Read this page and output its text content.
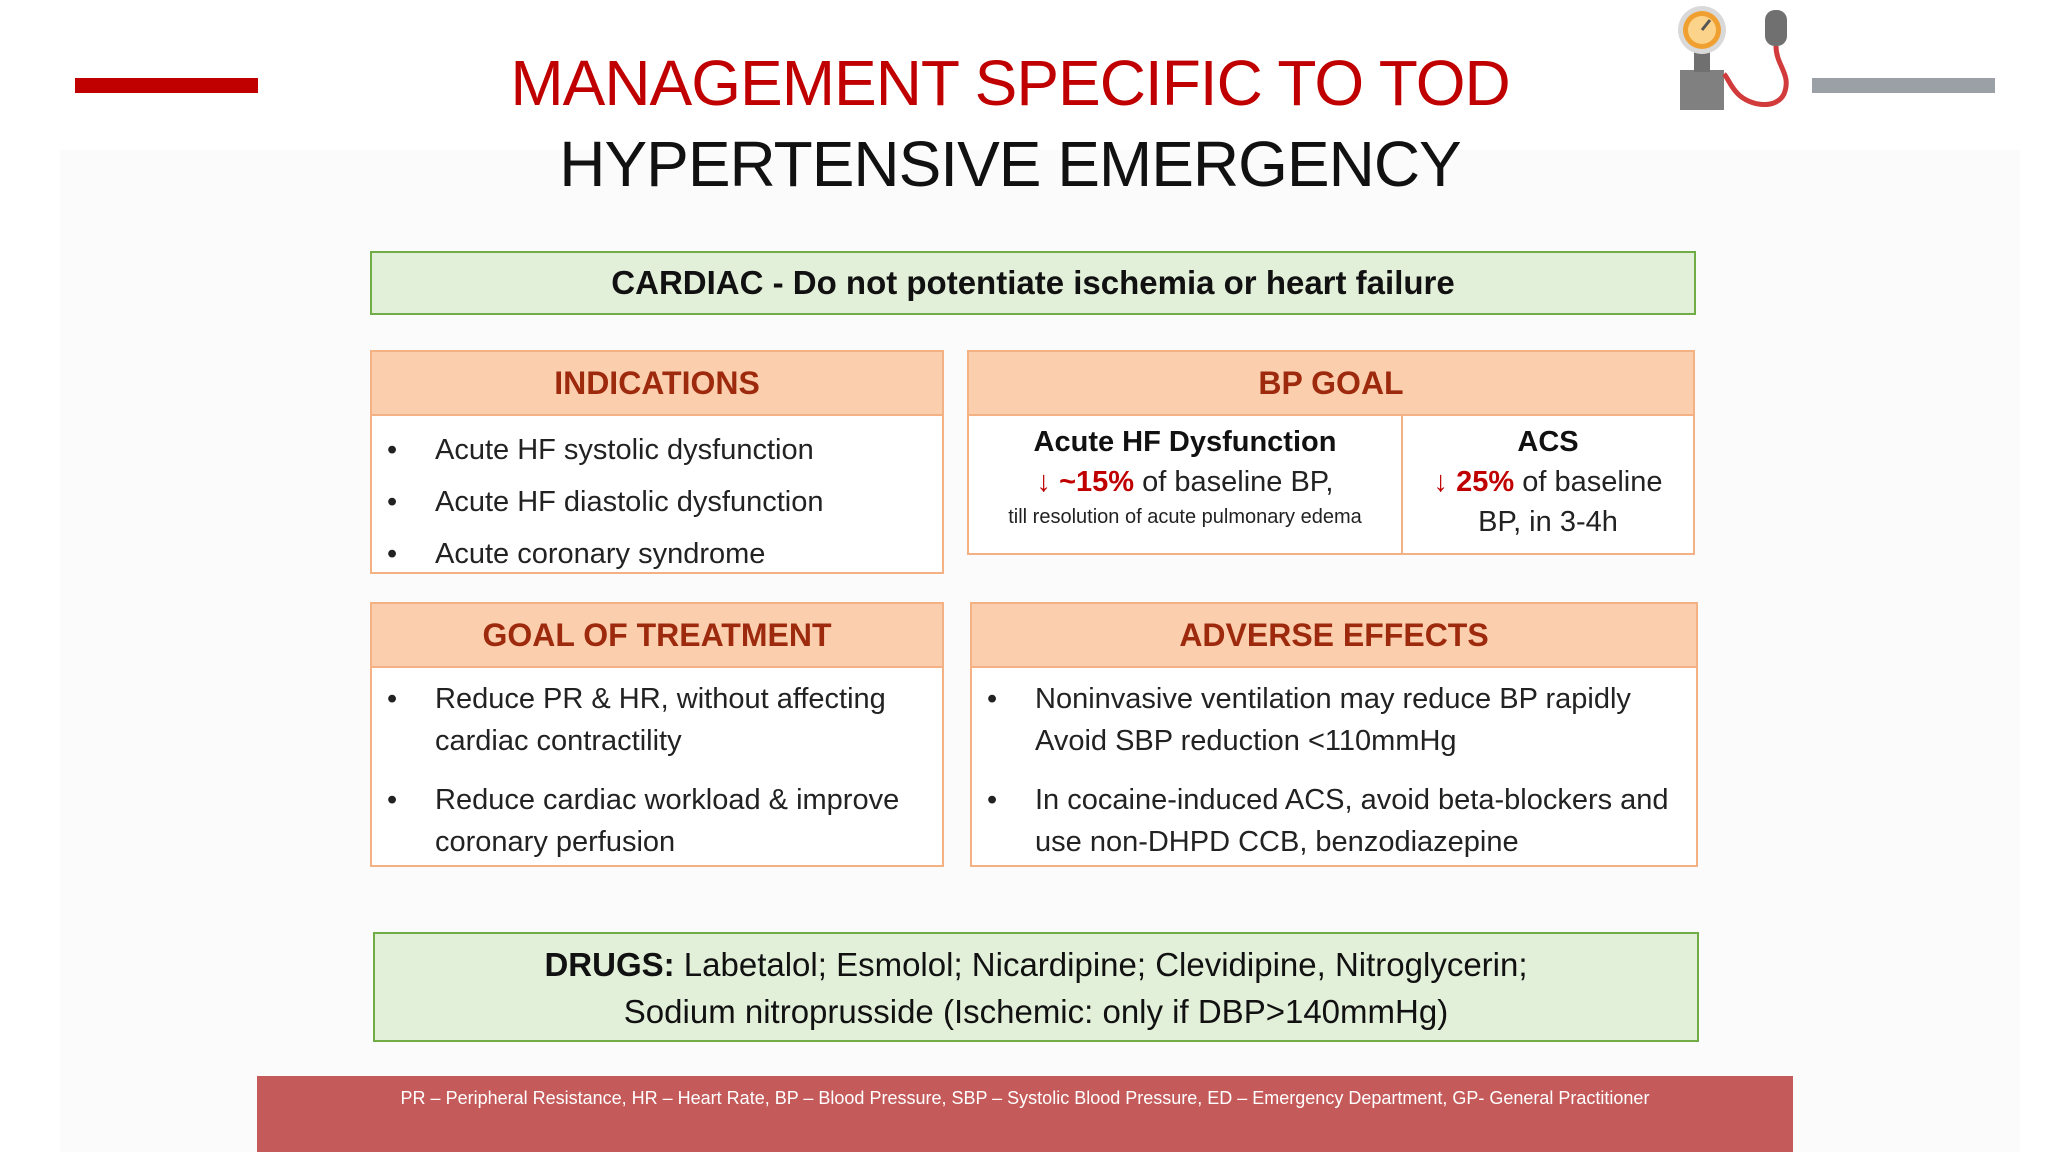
MANAGEMENT SPECIFIC TO TOD
HYPERTENSIVE EMERGENCY
CARDIAC - Do not potentiate ischemia or heart failure
INDICATIONS
• Acute HF systolic dysfunction
• Acute HF diastolic dysfunction
• Acute coronary syndrome
BP GOAL
Acute HF Dysfunction
↓ ~15% of baseline BP,
till resolution of acute pulmonary edema
ACS
↓ 25% of baseline
BP, in 3-4h
GOAL OF TREATMENT
• Reduce PR & HR, without affecting cardiac contractility
• Reduce cardiac workload & improve coronary perfusion
ADVERSE EFFECTS
• Noninvasive ventilation may reduce BP rapidly Avoid SBP reduction <110mmHg
• In cocaine-induced ACS, avoid beta-blockers and use non-DHPD CCB, benzodiazepine
DRUGS: Labetalol; Esmolol; Nicardipine; Clevidipine, Nitroglycerin;
Sodium nitroprusside (Ischemic: only if DBP>140mmHg)
PR – Peripheral Resistance, HR – Heart Rate, BP – Blood Pressure, SBP – Systolic Blood Pressure, ED – Emergency Department, GP- General Practitioner
